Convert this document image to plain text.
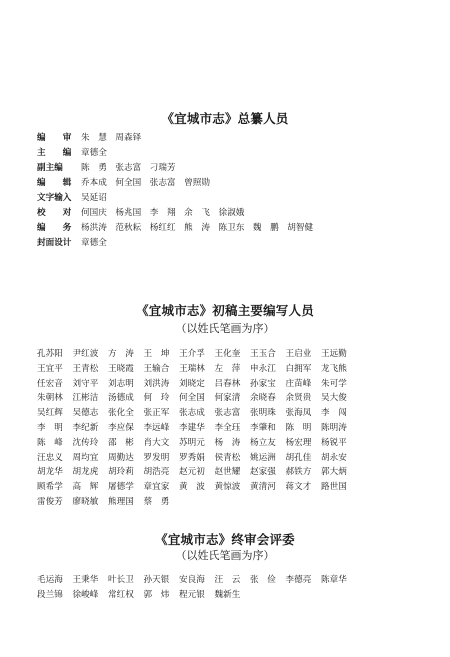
《宜城市志》总纂人员
编　　审 朱　慧　周森铎
主　　编 章德全
副主编 陈　勇　张志富　刁瑞芳
编　　辑 乔本成　何全国　张志富　曾照勋
文字输入 吴延诏
校　　对 何国庆　杨兆国　李　翔　余　飞　徐淑娥
编　　务 杨洪涛　范秋耘　杨红红　熊　涛　陈卫东　魏　鹏　胡智健
封面设计 章德全
《宜城市志》初稿主要编写人员
（以姓氏笔画为序）
孔苏阳	尹红波	方　涛	王　坤	王介孚	王化奎	王玉合	王启业	王远勤
王宜平	王青松	王晓霞	王输合	王瑞林	左　萍	申永江	白拥军	龙飞熊
任宏音	刘守平	刘志明	刘洪涛	刘晓定	吕春林	孙家宝	庄苗峰	朱可学
朱朝林	江彬洁	汤德成	何　玲	何全国	何家清	余晓春	余贤贵	吴大俊
吴红辉	吴德志	张化全	张正军	张志成	张志富	张明珠	张海凤	李　闯
李　明	李纪新	李应保	李远峰	李建华	李全珏	李肇和	陈　明	陈明涛
陈　峰	沈传玲	邵　彬	肖大文	苏明元	杨　涛	杨立友	杨宏理	杨锐平
汪忠义	周均宜	周勤达	罗发明	罗秀娟	侯青松	姚运洲	胡孔佳	胡永安
胡龙华	胡龙虎	胡玲莉	胡浩亮	赵元初	赵世耀	赵家强	郝铁方	郭大炳
顾希学	高　辉	屠德学	章宜家	黄　波	黄惊波	黄清河	蒋文才	路世国
雷俊芳	廖晓敏	熊理国	蔡　勇
《宜城市志》终审会评委
（以姓氏笔画为序）
毛运海	王秉华	叶长卫	孙天银	安良海	汪　云	张　俭	李德亮	陈章华
段兰锦	徐峻峰	常红权	郭　炜	程元银	魏新生
